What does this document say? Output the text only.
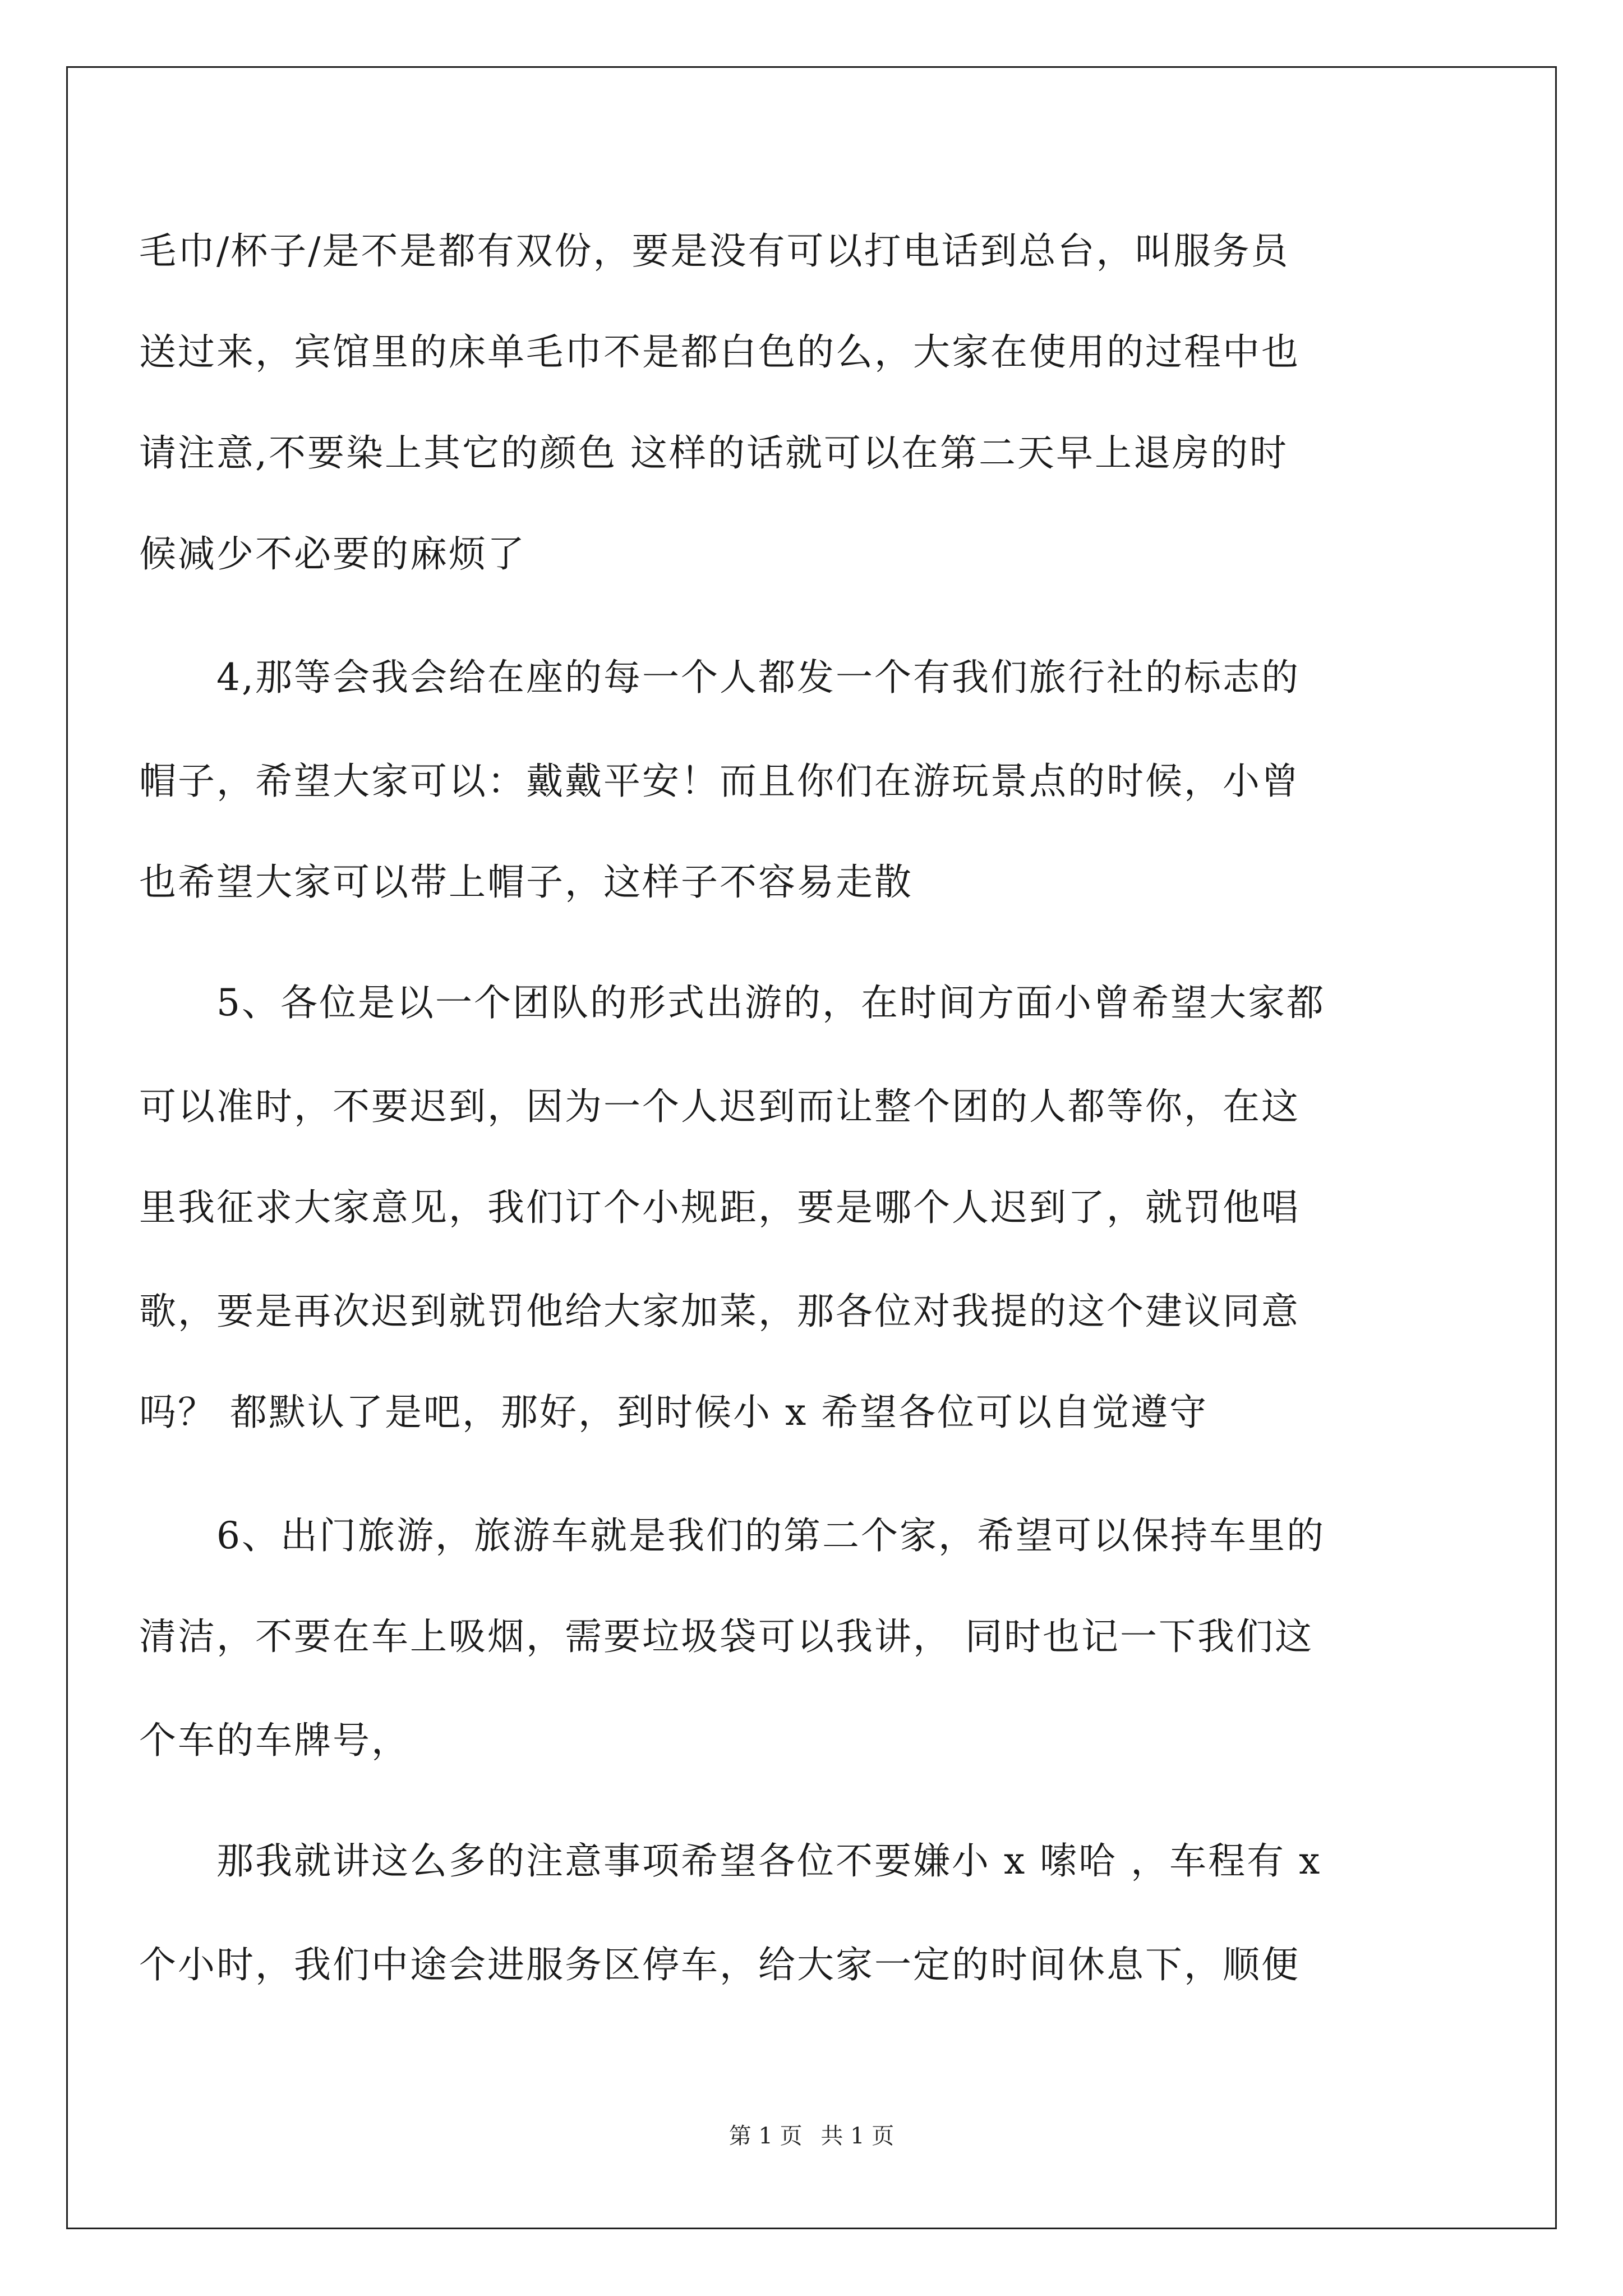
毛巾/杯子/是不是都有双份，要是没有可以打电话到总台，叫服务员
送过来，宾馆里的床单毛巾不是都白色的么，大家在使用的过程中也
请注意,不要染上其它的颜色 这样的话就可以在第二天早上退房的时
候减少不必要的麻烦了
4,那等会我会给在座的每一个人都发一个有我们旅行社的标志的
帽子，希望大家可以：戴戴平安！而且你们在游玩景点的时候，小曾
也希望大家可以带上帽子，这样子不容易走散
5、各位是以一个团队的形式出游的，在时间方面小曾希望大家都
可以准时，不要迟到，因为一个人迟到而让整个团的人都等你，在这
里我征求大家意见，我们订个小规距，要是哪个人迟到了，就罚他唱
歌，要是再次迟到就罚他给大家加菜，那各位对我提的这个建议同意
吗？ 都默认了是吧，那好，到时候小 x 希望各位可以自觉遵守
6、出门旅游，旅游车就是我们的第二个家，希望可以保持车里的
清洁，不要在车上吸烟，需要垃圾袋可以我讲， 同时也记一下我们这
个车的车牌号，
那我就讲这么多的注意事项希望各位不要嫌小 x 嗦哈 ，车程有 x
个小时，我们中途会进服务区停车，给大家一定的时间休息下，顺便
第 1 页 共 1 页
